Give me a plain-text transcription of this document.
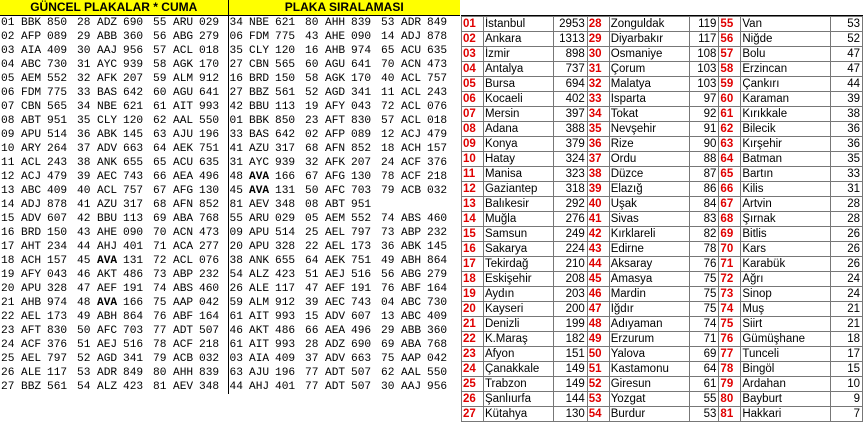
GÜNCEL PLAKALAR * CUMA	PLAKA SIRALAMASI
01	BBK	850	28	ADZ	690	55	ARU	029	34	NBE	621	80	AHH	839	53	ADR	849
02	AFP	089	29	ABB	360	56	ABG	279	06	FDM	775	43	AHE	090	14	ADJ	878
03	AIA	409	30	AAJ	956	57	ACL	018	35	CLY	120	16	AHB	974	65	ACU	635
04	ABC	730	31	AYC	939	58	AGK	170	27	CBN	565	60	AGU	641	70	ACN	473
05	AEM	552	32	AFK	207	59	ALM	912	16	BRD	150	58	AGK	170	40	ACL	757
06	FDM	775	33	BAS	642	60	AGU	641	27	BBZ	561	52	AGD	341	11	ACL	243
07	CBN	565	34	NBE	621	61	AIT	993	42	BBU	113	19	AFY	043	72	ACL	076
08	ABT	951	35	CLY	120	62	AAL	550	01	BBK	850	23	AFT	830	57	ACL	018
09	APU	514	36	ABK	145	63	AJU	196	33	BAS	642	02	AFP	089	12	ACJ	479
10	ARY	264	37	ADV	663	64	AEK	751	41	AZU	317	68	AFN	852	18	ACH	157
11	ACL	243	38	ANK	655	65	ACU	635	31	AYC	939	32	AFK	207	24	ACF	376
12	ACJ	479	39	AEC	743	66	AEA	496	48	AVA	166	67	AFG	130	78	ACF	218
13	ABC	409	40	ACL	757	67	AFG	130	45	AVA	131	50	AFC	703	79	ACB	032
14	ADJ	878	41	AZU	317	68	AFN	852	81	AEV	348	08	ABT	951			
15	ADV	607	42	BBU	113	69	ABA	768	55	ARU	029	05	AEM	552	74	ABS	460
16	BRD	150	43	AHE	090	70	ACN	473	09	APU	514	25	AEL	797	73	ABP	232
17	AHT	234	44	AHJ	401	71	ACA	277	20	APU	328	22	AEL	173	36	ABK	145
18	ACH	157	45	AVA	131	72	ACL	076	38	ANK	655	64	AEK	751	49	ABH	864
19	AFY	043	46	AKT	486	73	ABP	232	54	ALZ	423	51	AEJ	516	56	ABG	279
20	APU	328	47	AEF	191	74	ABS	460	26	ALE	117	47	AEF	191	76	ABF	164
21	AHB	974	48	AVA	166	75	AAP	042	59	ALM	912	39	AEC	743	04	ABC	730
22	AEL	173	49	ABH	864	76	ABF	164	61	AIT	993	15	ADV	607	13	ABC	409
23	AFT	830	50	AFC	703	77	ADT	507	46	AKT	486	66	AEA	496	29	ABB	360
24	ACF	376	51	AEJ	516	78	ACF	218	61	AIT	993	28	ADZ	690	69	ABA	768
25	AEL	797	52	AGD	341	79	ACB	032	03	AIA	409	37	ADV	663	75	AAP	042
26	ALE	117	53	ADR	849	80	AHH	839	63	AJU	196	77	ADT	507	62	AAL	550
27	BBZ	561	54	ALZ	423	81	AEV	348	44	AHJ	401	77	ADT	507	30	AAJ	956
01	İstanbul	2953	28	Zonguldak	119	55	Van	53
02	Ankara	1313	29	Diyarbakır	117	56	Niğde	52
03	İzmir	898	30	Osmaniye	108	57	Bolu	47
04	Antalya	737	31	Çorum	103	58	Erzincan	47
05	Bursa	694	32	Malatya	103	59	Çankırı	44
06	Kocaeli	402	33	Isparta	97	60	Karaman	39
07	Mersin	397	34	Tokat	92	61	Kırıkkale	38
08	Adana	388	35	Nevşehir	91	62	Bilecik	36
09	Konya	379	36	Rize	90	63	Kırşehir	36
10	Hatay	324	37	Ordu	88	64	Batman	35
11	Manisa	323	38	Düzce	87	65	Bartın	33
12	Gaziantep	318	39	Elazığ	86	66	Kilis	31
13	Balıkesir	292	40	Uşak	84	67	Artvin	28
14	Muğla	276	41	Sivas	83	68	Şırnak	28
15	Samsun	249	42	Kırklareli	82	69	Bitlis	26
16	Sakarya	224	43	Edirne	78	70	Kars	26
17	Tekirdağ	210	44	Aksaray	76	71	Karabük	26
18	Eskişehir	208	45	Amasya	75	72	Ağrı	24
19	Aydın	203	46	Mardin	75	73	Sinop	24
20	Kayseri	200	47	Iğdır	75	74	Muş	21
21	Denizli	199	48	Adıyaman	74	75	Siirt	21
22	K.Maraş	182	49	Erzurum	71	76	Gümüşhane	18
23	Afyon	151	50	Yalova	69	77	Tunceli	17
24	Çanakkale	149	51	Kastamonu	64	78	Bingöl	15
25	Trabzon	149	52	Giresun	61	79	Ardahan	10
26	Şanlıurfa	144	53	Yozgat	55	80	Bayburt	9
27	Kütahya	130	54	Burdur	53	81	Hakkari	7
